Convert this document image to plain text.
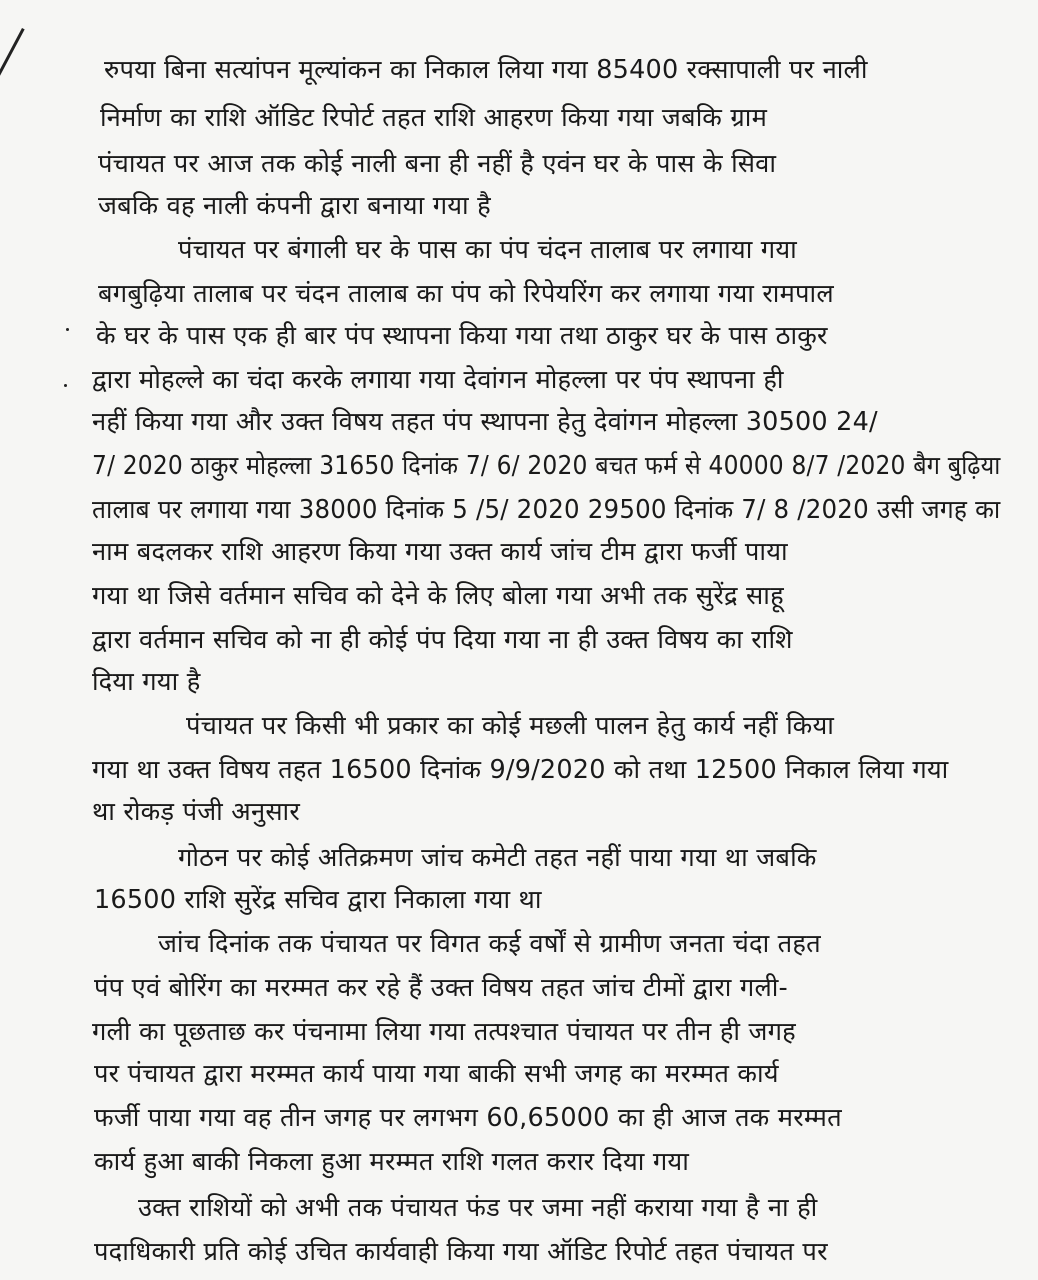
रुपया बिना सत्यांपन मूल्यांकन का निकाल लिया गया 85400 रक्सापाली पर नाली
निर्माण का राशि ऑडिट रिपोर्ट तहत राशि आहरण किया गया जबकि ग्राम
पंचायत पर आज तक कोई नाली बना ही नहीं है एवंन घर के पास के सिवा
जबकि वह नाली कंपनी द्वारा बनाया गया है
पंचायत पर बंगाली घर के पास का पंप चंदन तालाब पर लगाया गया
बगबुढ़िया तालाब पर चंदन तालाब का पंप को रिपेयरिंग कर लगाया गया रामपाल
के घर के पास एक ही बार पंप स्थापना किया गया तथा ठाकुर घर के पास ठाकुर
द्वारा मोहल्ले का चंदा करके लगाया गया देवांगन मोहल्ला पर पंप स्थापना ही
नहीं किया गया और उक्त विषय तहत पंप स्थापना हेतु देवांगन मोहल्ला 30500 24/
7/ 2020 ठाकुर मोहल्ला 31650 दिनांक 7/ 6/ 2020 बचत फर्म से 40000 8/7 /2020 बैग बुढ़िया
तालाब पर लगाया गया 38000 दिनांक 5 /5/ 2020 29500 दिनांक 7/ 8 /2020 उसी जगह का
नाम बदलकर राशि आहरण किया गया उक्त कार्य जांच टीम द्वारा फर्जी पाया
गया था जिसे वर्तमान सचिव को देने के लिए बोला गया अभी तक सुरेंद्र साहू
द्वारा वर्तमान सचिव को ना ही कोई पंप दिया गया ना ही उक्त विषय का राशि
दिया गया है
पंचायत पर किसी भी प्रकार का कोई मछली पालन हेतु कार्य नहीं किया
गया था उक्त विषय तहत 16500 दिनांक 9/9/2020 को तथा 12500 निकाल लिया गया
था रोकड़ पंजी अनुसार
गोठन पर कोई अतिक्रमण जांच कमेटी तहत नहीं पाया गया था जबकि
16500 राशि सुरेंद्र सचिव द्वारा निकाला गया था
जांच दिनांक तक पंचायत पर विगत कई वर्षों से ग्रामीण जनता चंदा तहत
पंप एवं बोरिंग का मरम्मत कर रहे हैं उक्त विषय तहत जांच टीमों द्वारा गली-
गली का पूछताछ कर पंचनामा लिया गया तत्पश्चात पंचायत पर तीन ही जगह
पर पंचायत द्वारा मरम्मत कार्य पाया गया बाकी सभी जगह का मरम्मत कार्य
फर्जी पाया गया वह तीन जगह पर लगभग 60,65000 का ही आज तक मरम्मत
कार्य हुआ बाकी निकला हुआ मरम्मत राशि गलत करार दिया गया
उक्त राशियों को अभी तक पंचायत फंड पर जमा नहीं कराया गया है ना ही
पदाधिकारी प्रति कोई उचित कार्यवाही किया गया ऑडिट रिपोर्ट तहत पंचायत पर
